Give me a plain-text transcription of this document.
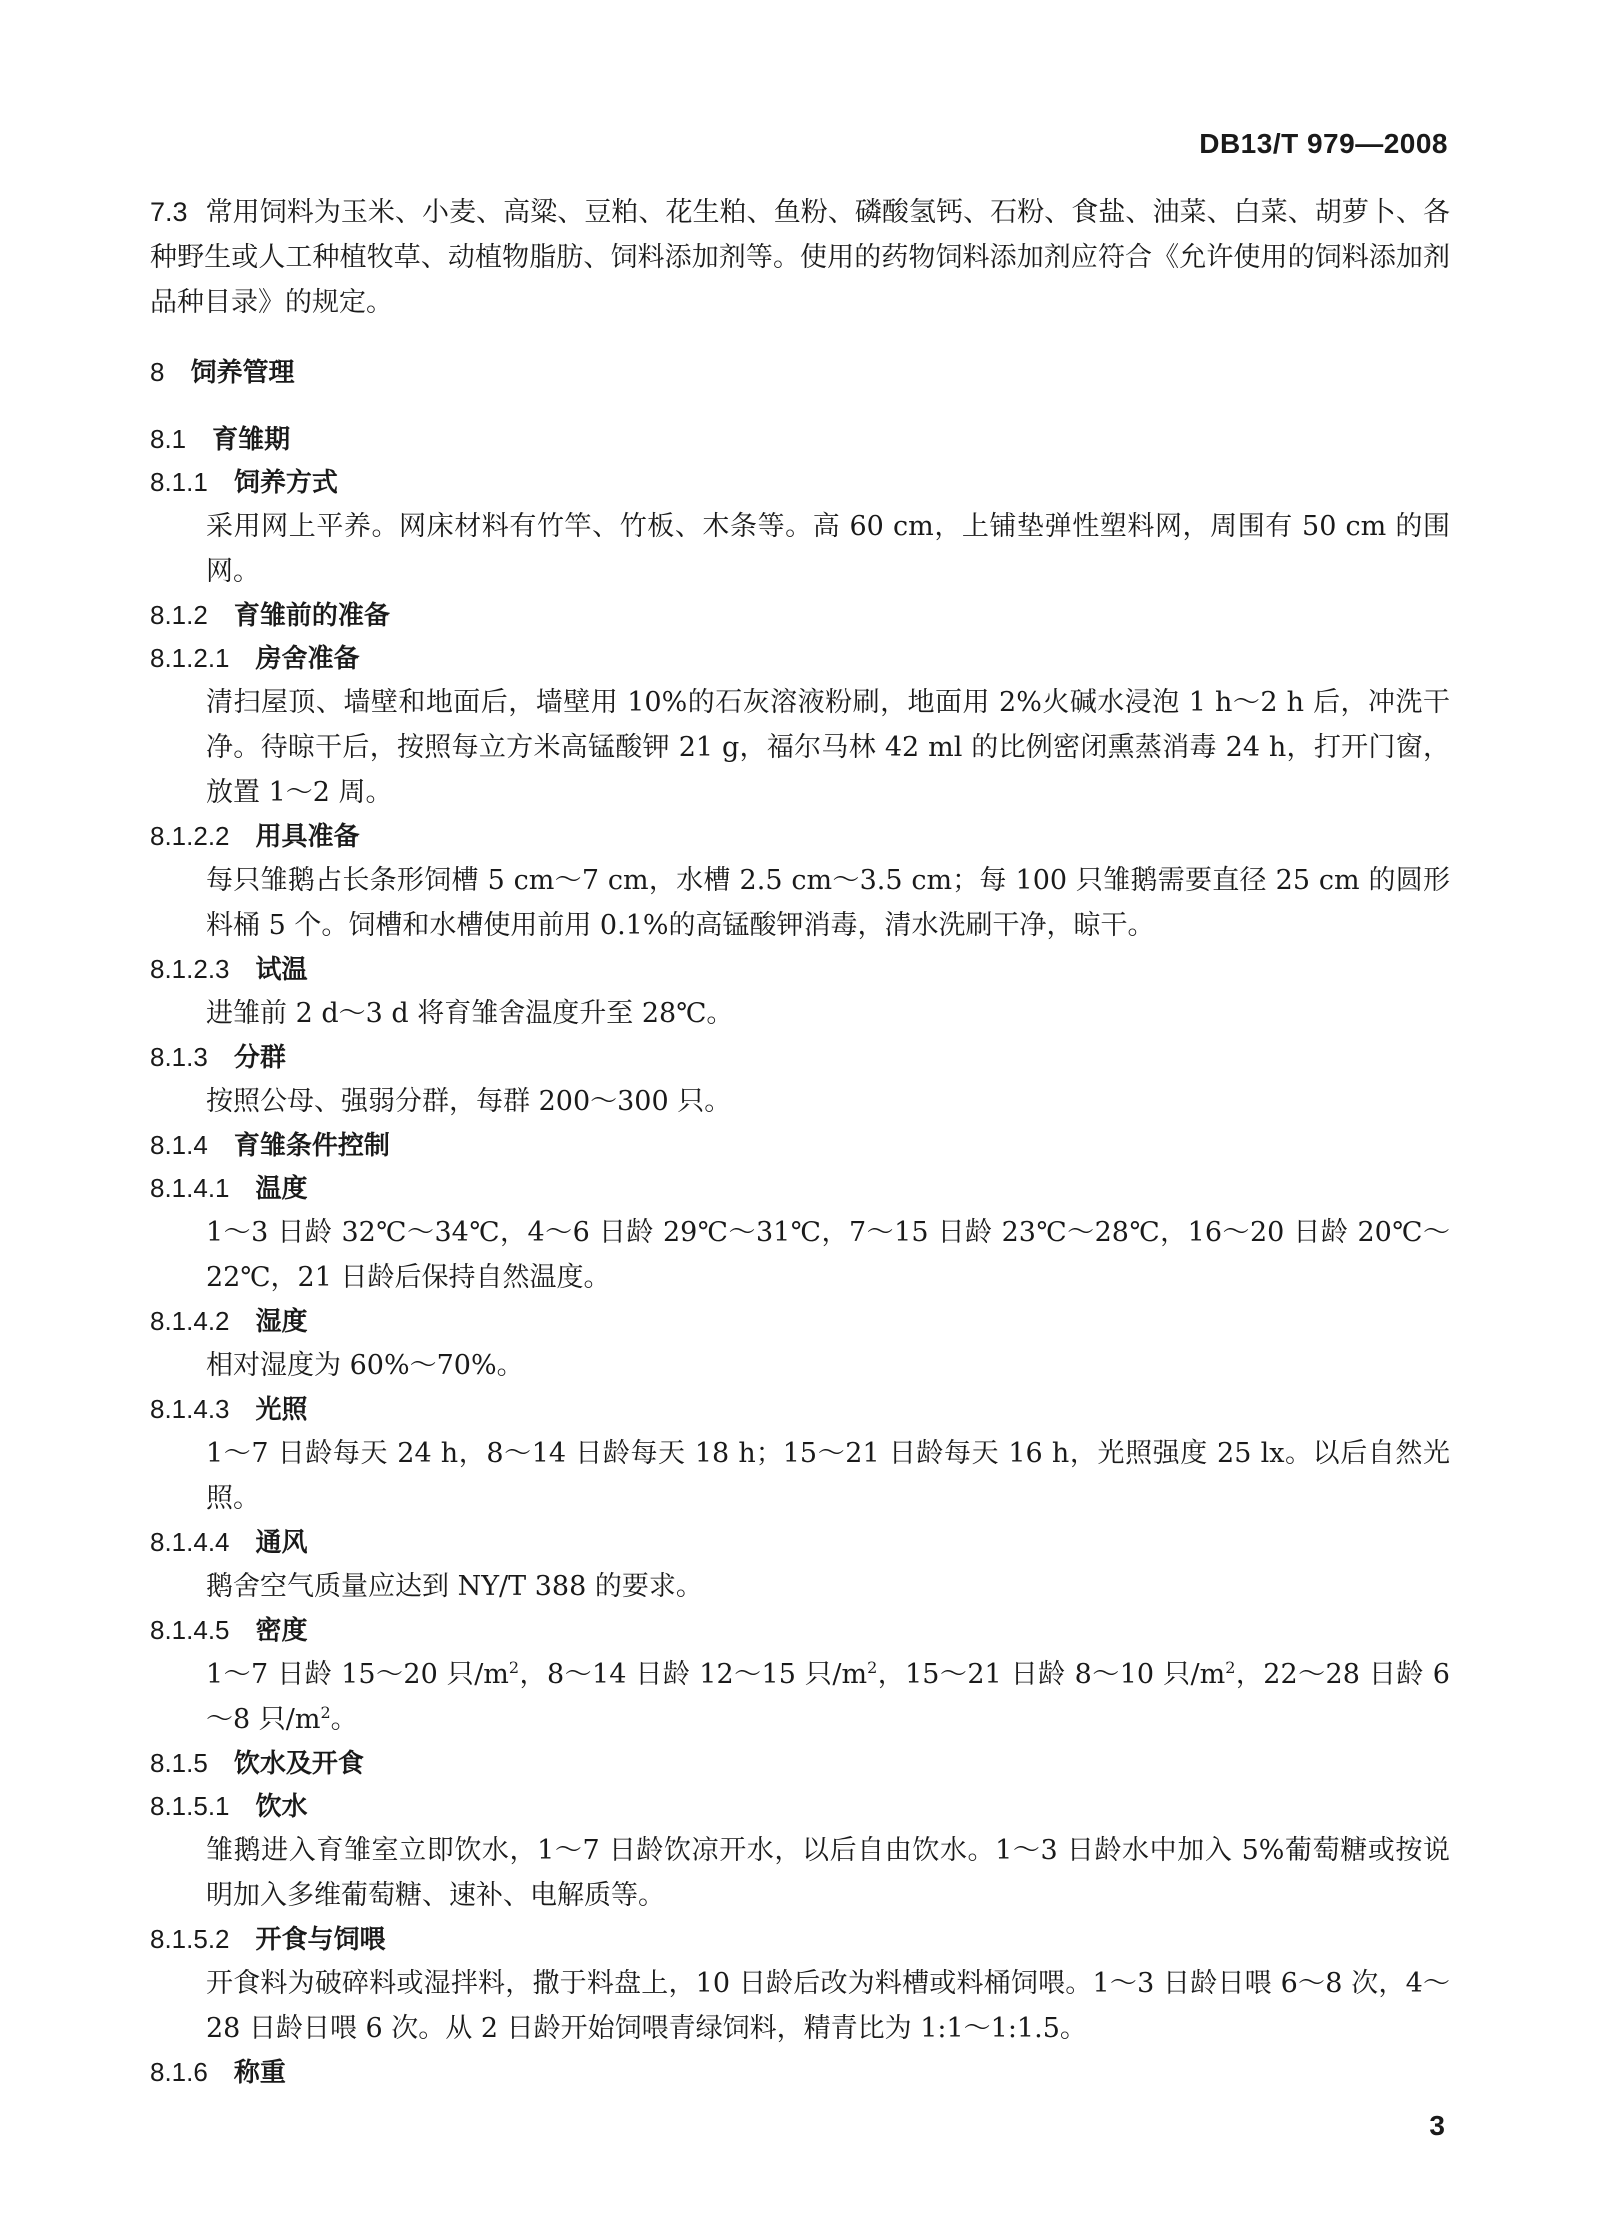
DB13/T 979—2008

7.3 常用饲料为玉米、小麦、高粱、豆粕、花生粕、鱼粉、磷酸氢钙、石粉、食盐、油菜、白菜、胡萝卜、各种野生或人工种植牧草、动植物脂肪、饲料添加剂等。使用的药物饲料添加剂应符合《允许使用的饲料添加剂品种目录》的规定。

8 饲养管理

8.1 育雏期

8.1.1 饲养方式

采用网上平养。网床材料有竹竿、竹板、木条等。高 60 cm，上铺垫弹性塑料网，周围有 50 cm 的围网。

8.1.2 育雏前的准备

8.1.2.1 房舍准备

清扫屋顶、墙壁和地面后，墙壁用 10%的石灰溶液粉刷，地面用 2%火碱水浸泡 1 h～2 h 后，冲洗干净。待晾干后，按照每立方米高锰酸钾 21 g，福尔马林 42 ml 的比例密闭熏蒸消毒 24 h，打开门窗，放置 1～2 周。

8.1.2.2 用具准备

每只雏鹅占长条形饲槽 5 cm～7 cm，水槽 2.5 cm～3.5 cm；每 100 只雏鹅需要直径 25 cm 的圆形料桶 5 个。饲槽和水槽使用前用 0.1%的高锰酸钾消毒，清水洗刷干净，晾干。

8.1.2.3 试温

进雏前 2 d～3 d 将育雏舍温度升至 28℃。

8.1.3 分群

按照公母、强弱分群，每群 200～300 只。

8.1.4 育雏条件控制

8.1.4.1 温度

1～3 日龄 32℃～34℃，4～6 日龄 29℃～31℃，7～15 日龄 23℃～28℃，16～20 日龄 20℃～22℃，21 日龄后保持自然温度。

8.1.4.2 湿度

相对湿度为 60%～70%。

8.1.4.3 光照

1～7 日龄每天 24 h，8～14 日龄每天 18 h；15～21 日龄每天 16 h，光照强度 25 lx。以后自然光照。

8.1.4.4 通风

鹅舍空气质量应达到 NY/T 388 的要求。

8.1.4.5 密度

1～7 日龄 15～20 只$/m^2$，8～14 日龄 12～15 只$/m^2$，15～21 日龄 8～10 只$/m^2$，22～28 日龄 6～8 只$/m^2$。

8.1.5 饮水及开食

8.1.5.1 饮水

雏鹅进入育雏室立即饮水，1～7 日龄饮凉开水，以后自由饮水。1～3 日龄水中加入 5%葡萄糖或按说明加入多维葡萄糖、速补、电解质等。

8.1.5.2 开食与饲喂

开食料为破碎料或湿拌料，撒于料盘上，10 日龄后改为料槽或料桶饲喂。1～3 日龄日喂 6～8 次，4～28 日龄日喂 6 次。从 2 日龄开始饲喂青绿饲料，精青比为 1:1～1:1.5。

8.1.6 称重

3
